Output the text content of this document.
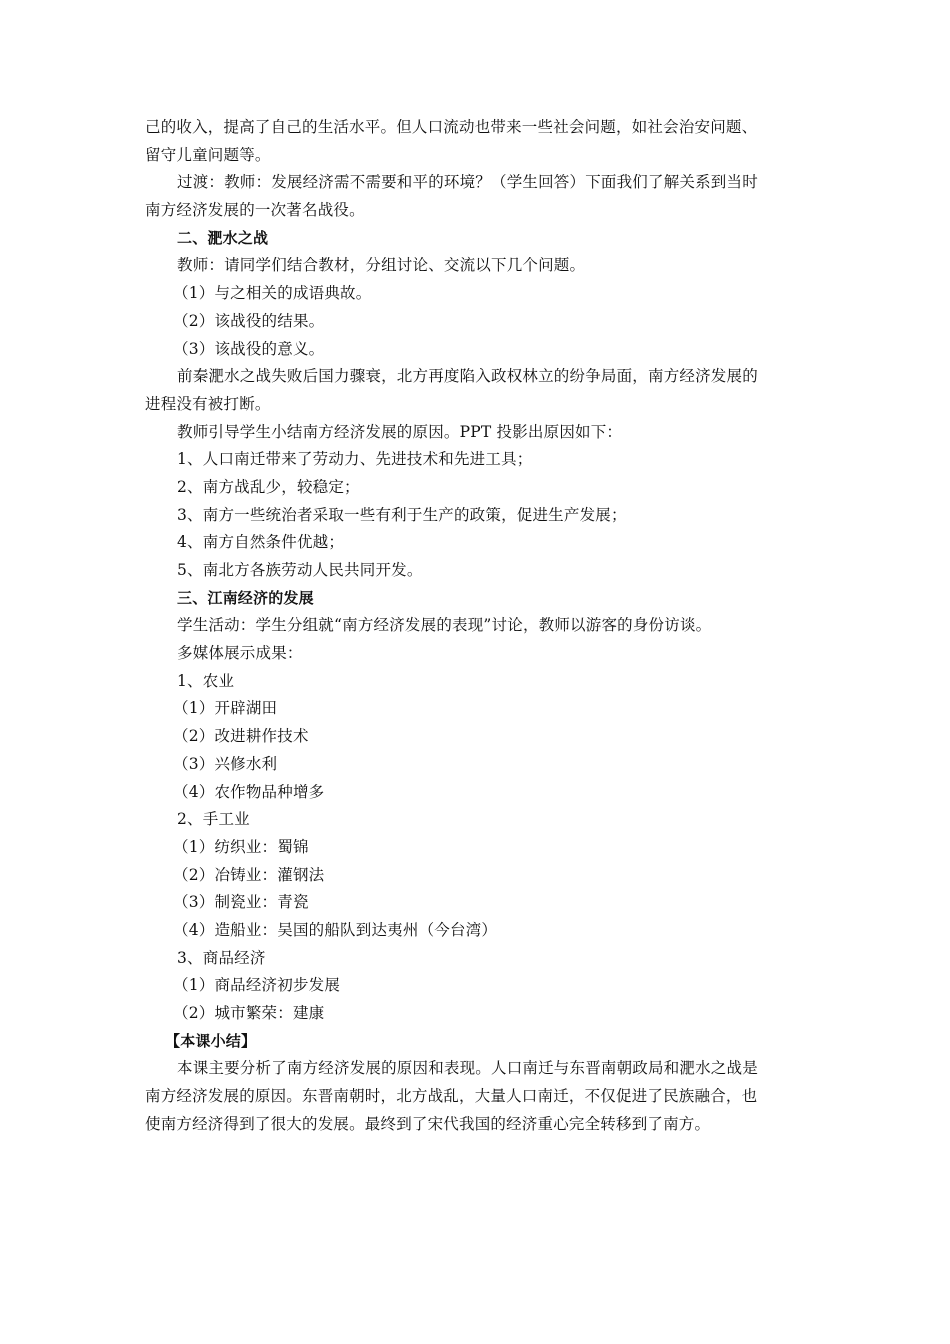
己的收入，提高了自己的生活水平。但人口流动也带来一些社会问题，如社会治安问题、
留守儿童问题等。
过渡：教师：发展经济需不需要和平的环境？（学生回答）下面我们了解关系到当时
南方经济发展的一次著名战役。
二、淝水之战
教师：请同学们结合教材，分组讨论、交流以下几个问题。
（1）与之相关的成语典故。
（2）该战役的结果。
（3）该战役的意义。
前秦淝水之战失败后国力骤衰，北方再度陷入政权林立的纷争局面，南方经济发展的
进程没有被打断。
教师引导学生小结南方经济发展的原因。PPT 投影出原因如下：
1、人口南迁带来了劳动力、先进技术和先进工具；
2、南方战乱少，较稳定；
3、南方一些统治者采取一些有利于生产的政策，促进生产发展；
4、南方自然条件优越；
5、南北方各族劳动人民共同开发。
三、江南经济的发展
学生活动：学生分组就“南方经济发展的表现”讨论，教师以游客的身份访谈。
多媒体展示成果：
1、农业
（1）开辟湖田
（2）改进耕作技术
（3）兴修水利
（4）农作物品种增多
2、手工业
（1）纺织业：蜀锦
（2）冶铸业：灌钢法
（3）制瓷业：青瓷
（4）造船业：吴国的船队到达夷州（今台湾）
3、商品经济
（1）商品经济初步发展
（2）城市繁荣：建康
【本课小结】
本课主要分析了南方经济发展的原因和表现。人口南迁与东晋南朝政局和淝水之战是
南方经济发展的原因。东晋南朝时，北方战乱，大量人口南迁，不仅促进了民族融合，也
使南方经济得到了很大的发展。最终到了宋代我国的经济重心完全转移到了南方。
